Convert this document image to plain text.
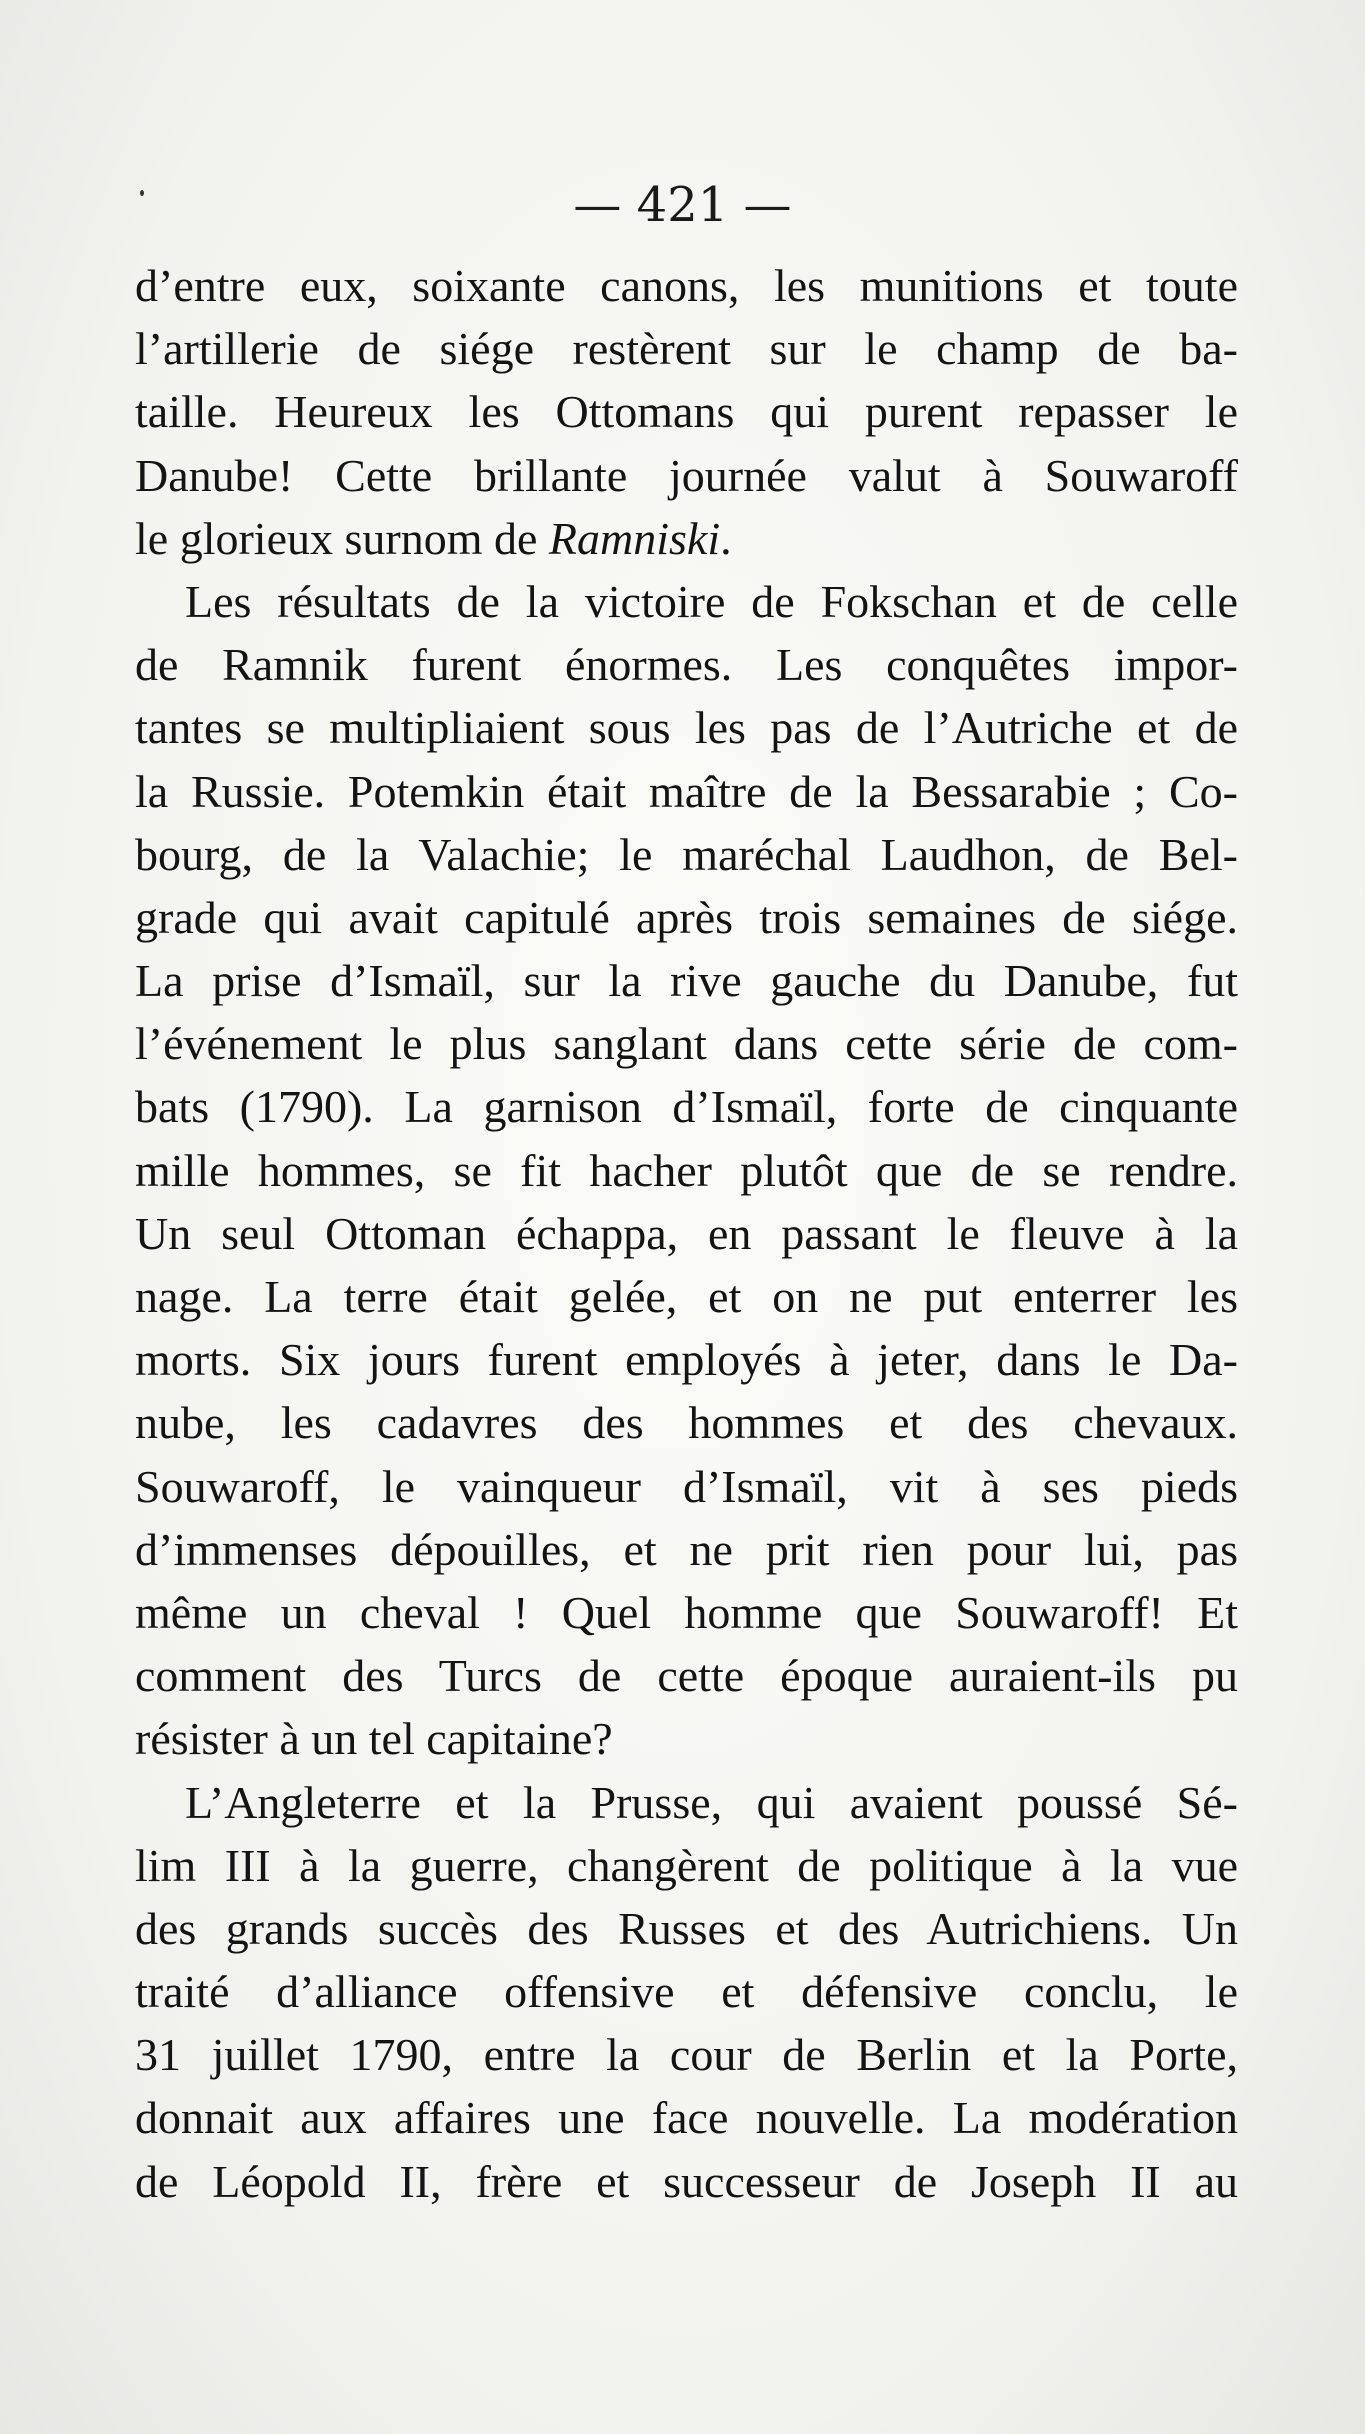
— 421 —
d’entre eux, soixante canons, les munitions et toute
l’artillerie de siége restèrent sur le champ de ba-
taille. Heureux les Ottomans qui purent repasser le
Danube! Cette brillante journée valut à Souwaroff
le glorieux surnom de Ramniski.
Les résultats de la victoire de Fokschan et de celle
de Ramnik furent énormes. Les conquêtes impor-
tantes se multipliaient sous les pas de l’Autriche et de
la Russie. Potemkin était maître de la Bessarabie ; Co-
bourg, de la Valachie; le maréchal Laudhon, de Bel-
grade qui avait capitulé après trois semaines de siége.
La prise d’Ismaïl, sur la rive gauche du Danube, fut
l’événement le plus sanglant dans cette série de com-
bats (1790). La garnison d’Ismaïl, forte de cinquante
mille hommes, se fit hacher plutôt que de se rendre.
Un seul Ottoman échappa, en passant le fleuve à la
nage. La terre était gelée, et on ne put enterrer les
morts. Six jours furent employés à jeter, dans le Da-
nube, les cadavres des hommes et des chevaux.
Souwaroff, le vainqueur d’Ismaïl, vit à ses pieds
d’immenses dépouilles, et ne prit rien pour lui, pas
même un cheval ! Quel homme que Souwaroff! Et
comment des Turcs de cette époque auraient-ils pu
résister à un tel capitaine?
L’Angleterre et la Prusse, qui avaient poussé Sé-
lim III à la guerre, changèrent de politique à la vue
des grands succès des Russes et des Autrichiens. Un
traité d’alliance offensive et défensive conclu, le
31 juillet 1790, entre la cour de Berlin et la Porte,
donnait aux affaires une face nouvelle. La modération
de Léopold II, frère et successeur de Joseph II au
